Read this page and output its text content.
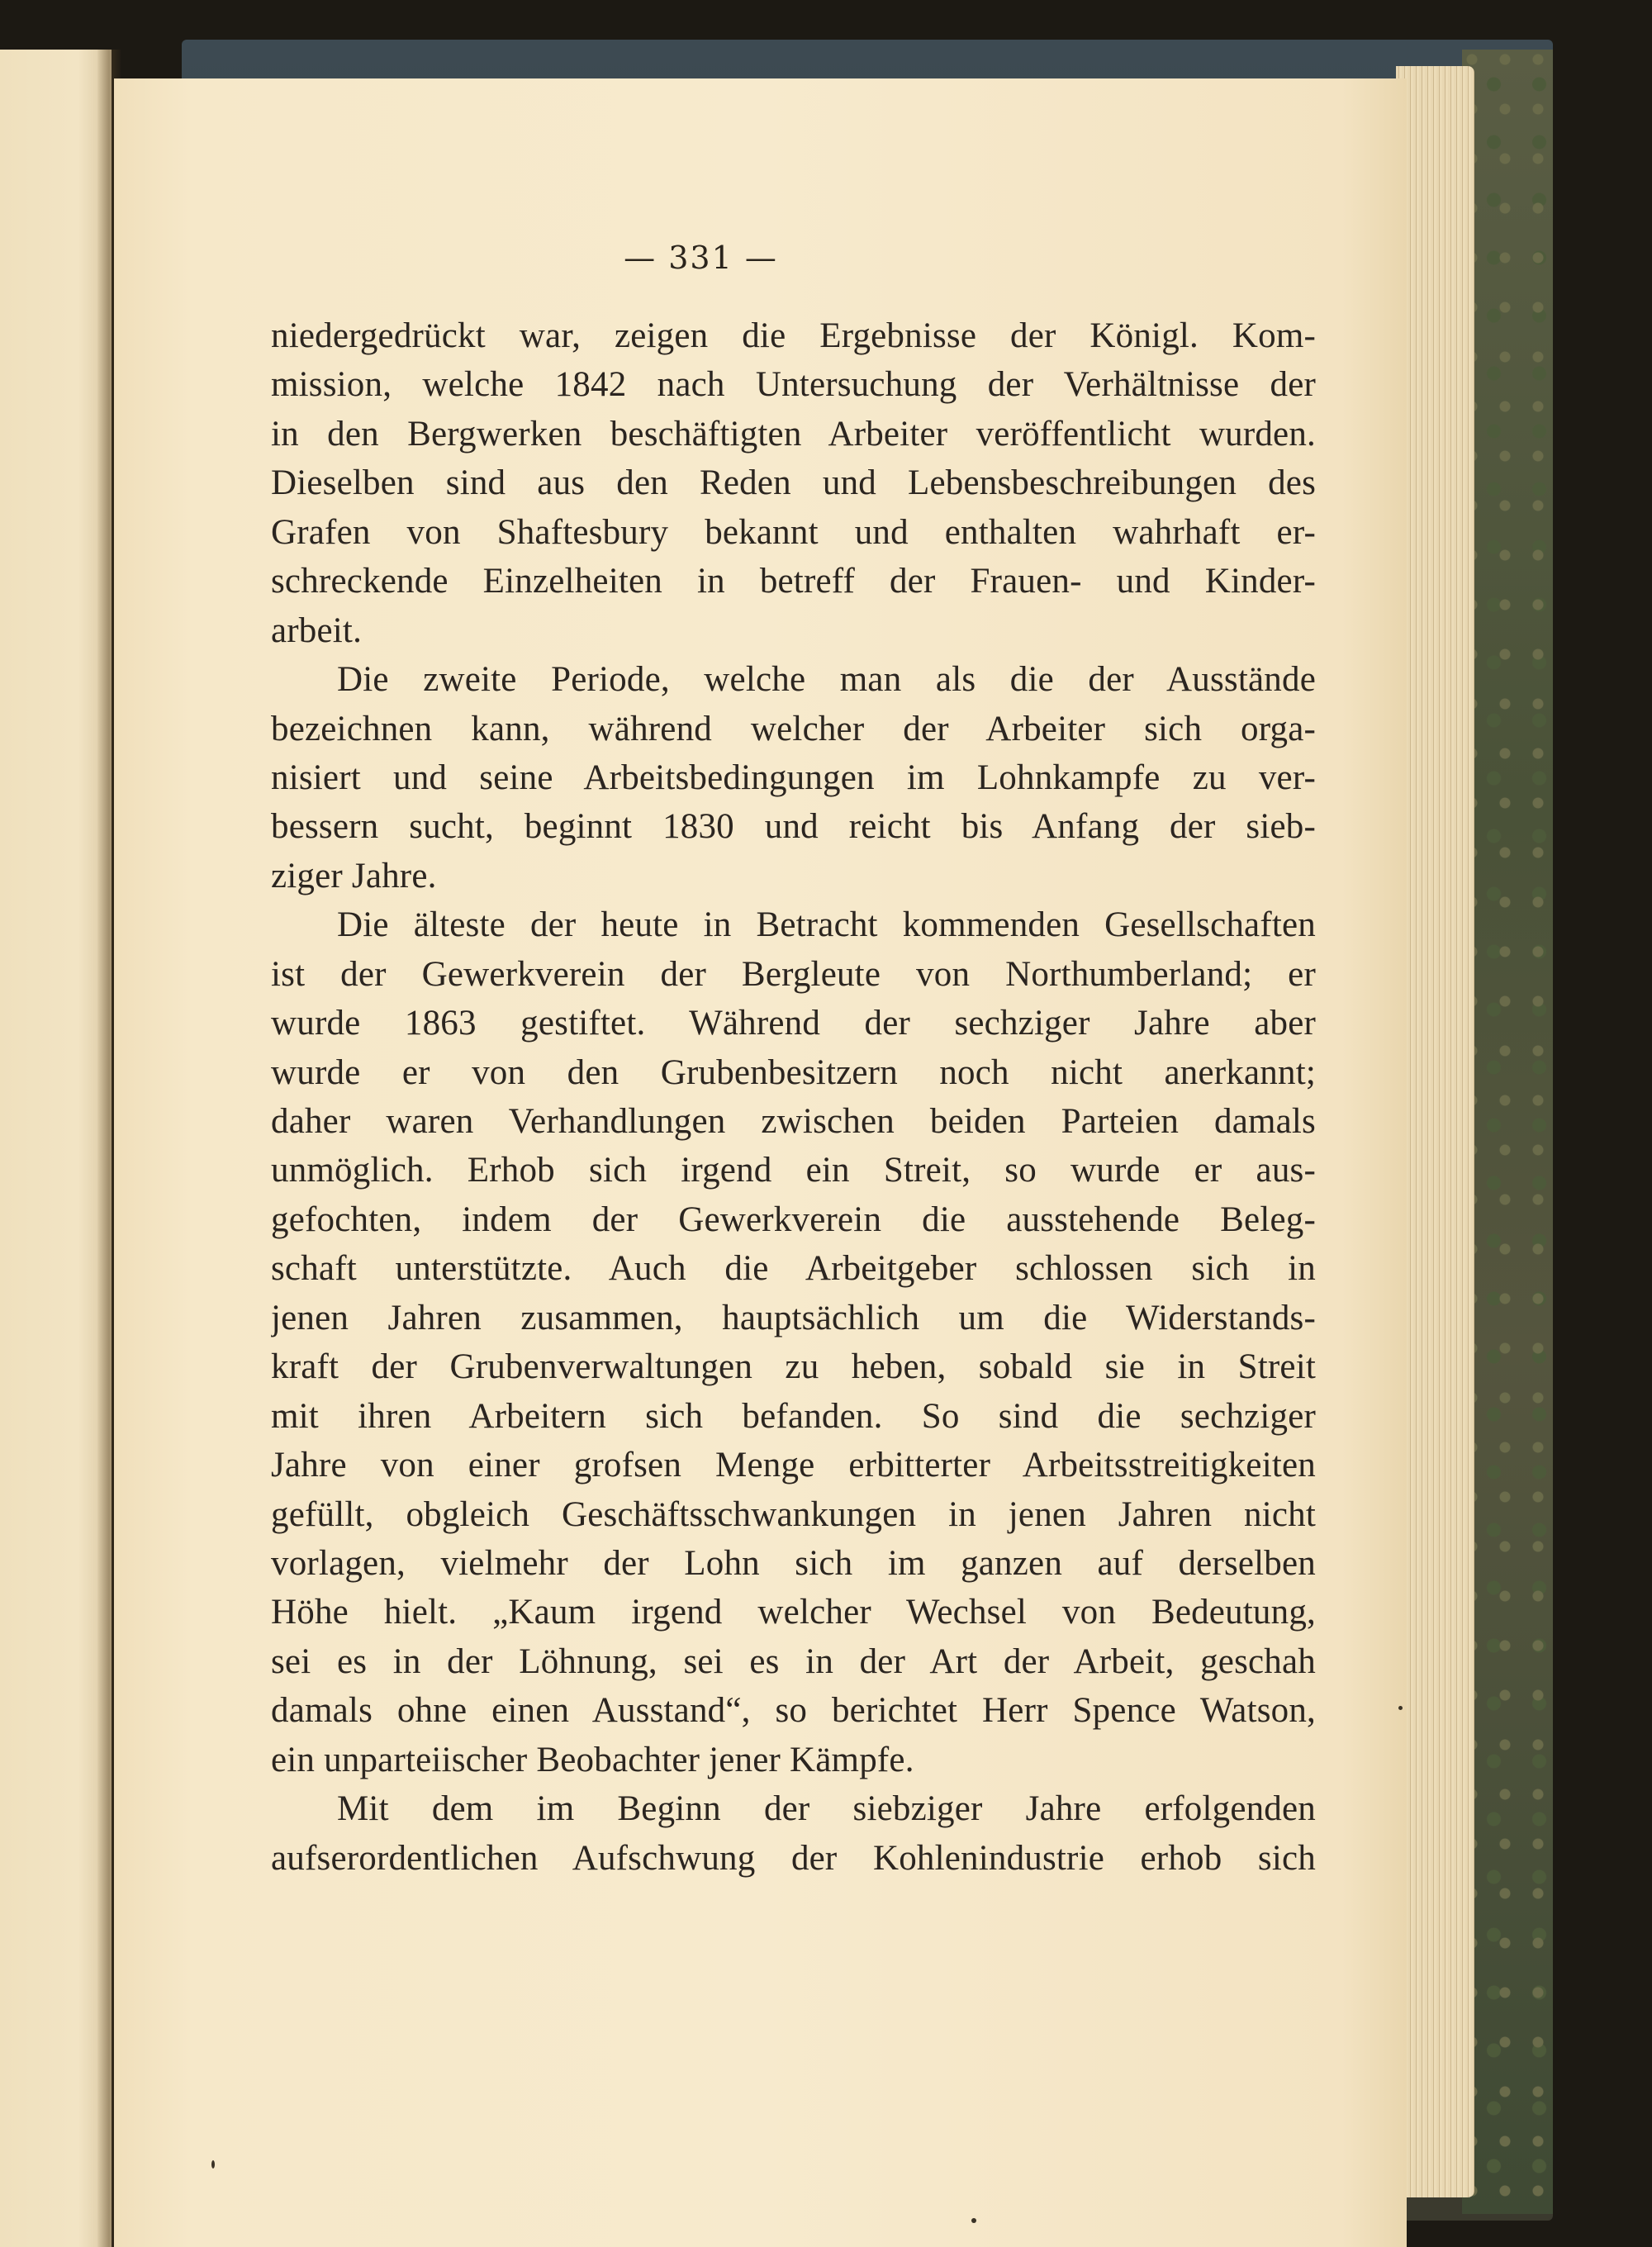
— 331 —
niedergedrückt war, zeigen die Ergebnisse der Königl. Kom-
mission, welche 1842 nach Untersuchung der Verhältnisse der
in den Bergwerken beschäftigten Arbeiter veröffentlicht wurden.
Dieselben sind aus den Reden und Lebensbeschreibungen des
Grafen von Shaftesbury bekannt und enthalten wahrhaft er-
schreckende Einzelheiten in betreff der Frauen- und Kinder-
arbeit.
Die zweite Periode, welche man als die der Ausstände
bezeichnen kann, während welcher der Arbeiter sich orga-
nisiert und seine Arbeitsbedingungen im Lohnkampfe zu ver-
bessern sucht, beginnt 1830 und reicht bis Anfang der sieb-
ziger Jahre.
Die älteste der heute in Betracht kommenden Gesellschaften
ist der Gewerkverein der Bergleute von Northumberland; er
wurde 1863 gestiftet. Während der sechziger Jahre aber
wurde er von den Grubenbesitzern noch nicht anerkannt;
daher waren Verhandlungen zwischen beiden Parteien damals
unmöglich. Erhob sich irgend ein Streit, so wurde er aus-
gefochten, indem der Gewerkverein die ausstehende Beleg-
schaft unterstützte. Auch die Arbeitgeber schlossen sich in
jenen Jahren zusammen, hauptsächlich um die Widerstands-
kraft der Grubenverwaltungen zu heben, sobald sie in Streit
mit ihren Arbeitern sich befanden. So sind die sechziger
Jahre von einer grofsen Menge erbitterter Arbeitsstreitigkeiten
gefüllt, obgleich Geschäftsschwankungen in jenen Jahren nicht
vorlagen, vielmehr der Lohn sich im ganzen auf derselben
Höhe hielt. „Kaum irgend welcher Wechsel von Bedeutung,
sei es in der Löhnung, sei es in der Art der Arbeit, geschah
damals ohne einen Ausstand“, so berichtet Herr Spence Watson,
ein unparteiischer Beobachter jener Kämpfe.
Mit dem im Beginn der siebziger Jahre erfolgenden
aufserordentlichen Aufschwung der Kohlenindustrie erhob sich
